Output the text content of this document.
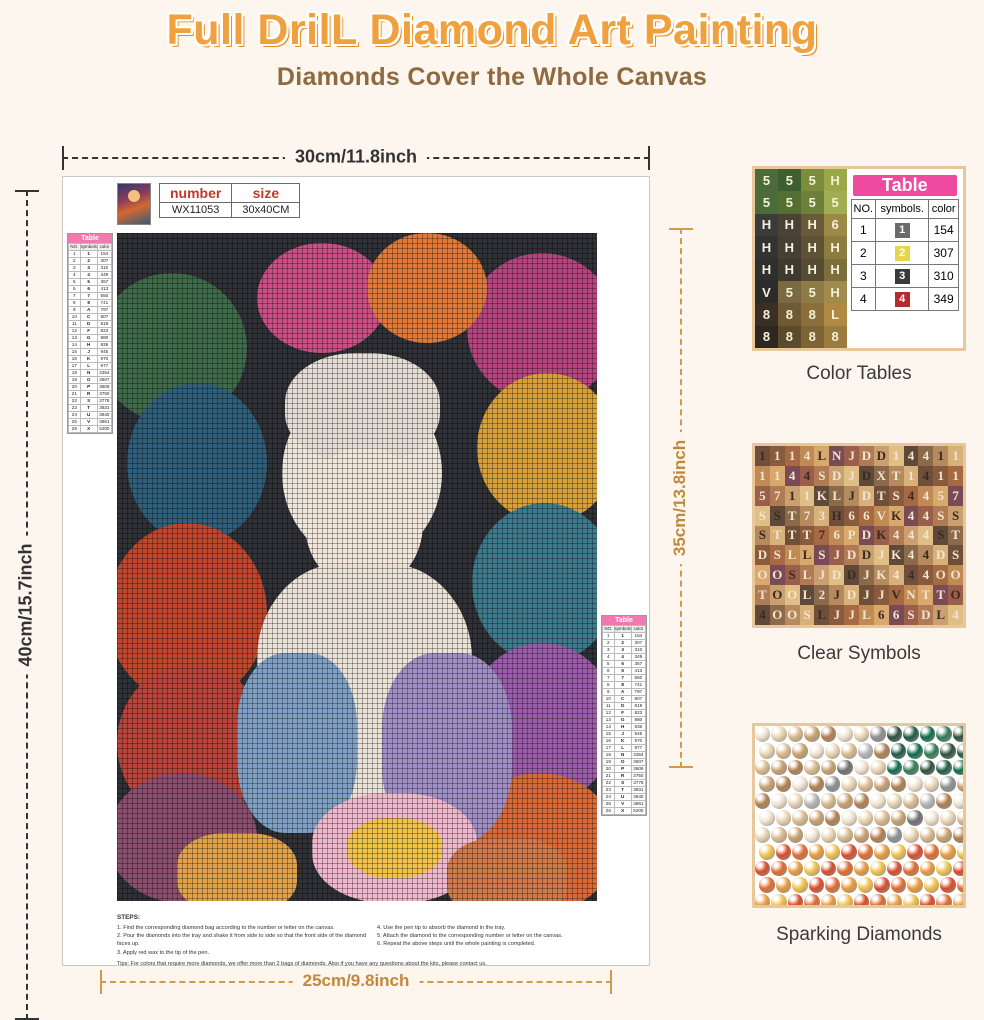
Full DrilL Diamond Art Painting
Diamonds Cover the Whole Canvas
30cm/11.8inch
40cm/15.7inch
35cm/13.8inch
25cm/9.8inch
number	size
WX11053	30x40CM
Table
NO.	symbols	color
1	1	154
2	2	307
3	3	310
4	4	349
5	5	367
6	6	413
7	7	550
8	8	741
9	A	797
10	C	807
11	D	819
12	F	823
13	G	880
14	H	936
15	J	945
16	K	970
17	L	977
18	N	3354
19	O	3607
20	P	3609
21	R	3750
22	S	3778
23	T	3831
24	U	3840
25	V	3861
26	X	5200
Table
NO.	symbols	color
1	1	154
2	2	307
3	3	310
4	4	349
5	5	367
6	6	413
7	7	550
8	8	741
9	A	797
10	C	807
11	D	819
12	F	823
13	G	880
14	H	936
15	J	945
16	K	970
17	L	977
18	N	3354
19	O	3607
20	P	3609
21	R	3750
22	S	3778
23	T	3831
24	U	3840
25	V	3861
26	X	5200
STEPS:
1. Find the corresponding diamond bag according to the number or letter on the canvas.
2. Pour the diamonds into the tray and shake it from side to side so that the front side of the diamond faces up.
3. Apply red wax to the tip of the pen.
4. Use the pen tip to absorb the diamond in the tray.
5. Attach the diamond to the corresponding number or letter on the canvas.
6. Repeat the above steps until the whole painting is completed.
Tips: For colors that require more diamonds, we offer more than 2 bags of diamonds. Also if you have any questions about the kits, please contact us.
5	5	5	H
5	5	5	5
H	H	H	6
H	H	H	H
H	H	H	H
V	5	5	H
8	8	8	L
8	8	8	8
Table
NO.	symbols.	color
1	1	154
2	2	307
3	3	310
4	4	349
Color Tables
1 1 1 4 L N J D D 1 4 4 1 1
1 1 4 4 S D J D X T 1 4 1 1
5 7 1 1 K L J D T S 4 4 5 7
S S T 7 3 H 6 6 V K 4 4 S S
S T T T 7 6 P D K 4 4 4 S T
D S L L S J D D J K 4 4 D S
O O S L J D D J K 4 4 4 O O
T O O L 2 J D J J V N T T O
4 O O S L J J L 6 6 S D L 4
Clear Symbols
Sparking Diamonds
